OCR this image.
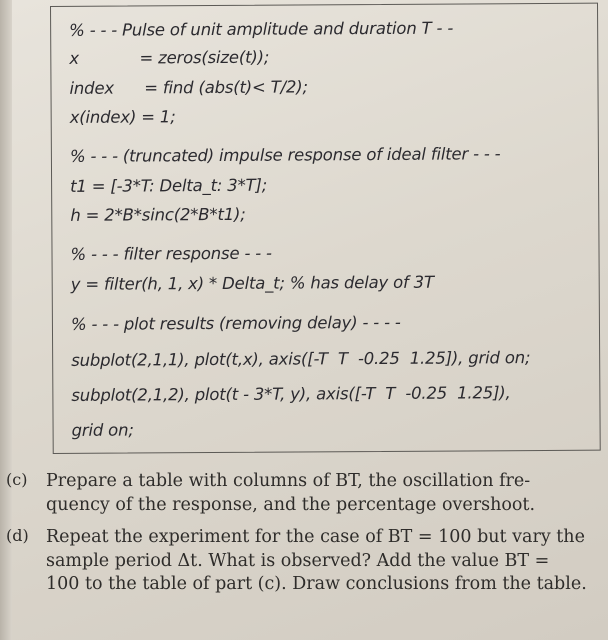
% - - - Pulse of unit amplitude and duration T - -
x            = zeros(size(t));
index      = find (abs(t)< T/2);
x(index) = 1;
% - - - (truncated) impulse response of ideal filter - - -
t1 = [-3*T: Delta_t: 3*T];
h = 2*B*sinc(2*B*t1);
% - - - filter response - - -
y = filter(h, 1, x) * Delta_t; % has delay of 3T
% - - - plot results (removing delay) - - - -
subplot(2,1,1), plot(t,x), axis([-T  T  -0.25  1.25]), grid on;
subplot(2,1,2), plot(t - 3*T, y), axis([-T  T  -0.25  1.25]),
grid on;
(c) Prepare a table with columns of BT, the oscillation fre-
quency of the response, and the percentage overshoot.
(d) Repeat the experiment for the case of BT = 100 but vary the
sample period Δt. What is observed? Add the value BT =
100 to the table of part (c). Draw conclusions from the table.
